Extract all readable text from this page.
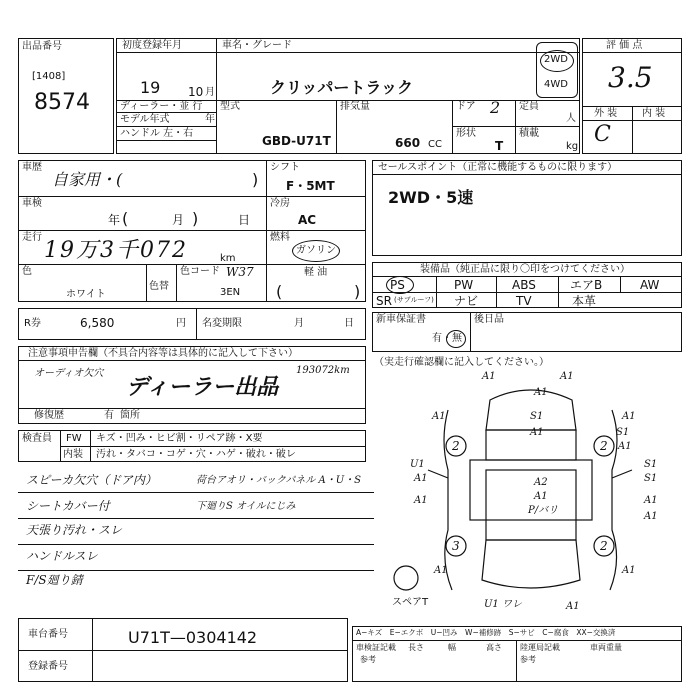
出品番号
[1408]
8574
初度登録年月
19 10 月
車名・グレード
クリッパートラック
2WD
4WD
ディーラー・並 行
モデル年式	年
ハンドル 左・右
型式
GBD-U71T
排気量
660 CC
ドア 2 定員
人
形状
T
積載
kg
評 価 点
3.5
外 装 内 装
C
車歴
自家用・(	)
車検
年 (	月 )	日
走行
19万3千072	km
色
ホワイト
色替
色コード W37
3EN
シフト
F・5MT
冷房
AC
燃料
ガソリン
軽 油
(	)
セールスポイント（正常に機能するものに限ります）
2WD・5速
装備品（純正品に限り〇印をつけてください）
PS	PW	ABS	エアB	AW
SR (サブルーフ) ナビ	TV	本革
R券	6,580	円 名変期限	月	日 新車保証書
有・無
後日品
注意事項申告欄（不具合内容等は具体的に記入して下さい）
オーディオ欠穴
ディーラー出品
193072km
修復歴	有 箇所
検査員 FW
内装
キズ・凹み・ヒビ割・リペア跡・X要
汚れ・タバコ・コゲ・穴・ハゲ・破れ・破レ
スピーカ欠穴（ドア内）
シートカバー付
天張り汚れ・スレ
ハンドルスレ
F/S廻り錆
荷台アオリ・バックパネル A・U・S
下廻りS オイルにじみ
（実走行確認欄に記入してください。）
A1	A1
A1	S1
A1
A1
S1
A1
2	2
U1
A1
A1
S1
S1
A1
A1
A2
A1
P/バリ
3	2
A1	A1
U1 ワレ	A1
A1
スペアT
車台番号	U71T—0304142
登録番号
A−キズ　E−エクボ　U−凹み　W−補修跡　S−サビ　C−腐食　XX−交換済
車検証記載 長さ	幅	高さ
参考
陸運局記載	車両重量
参考
